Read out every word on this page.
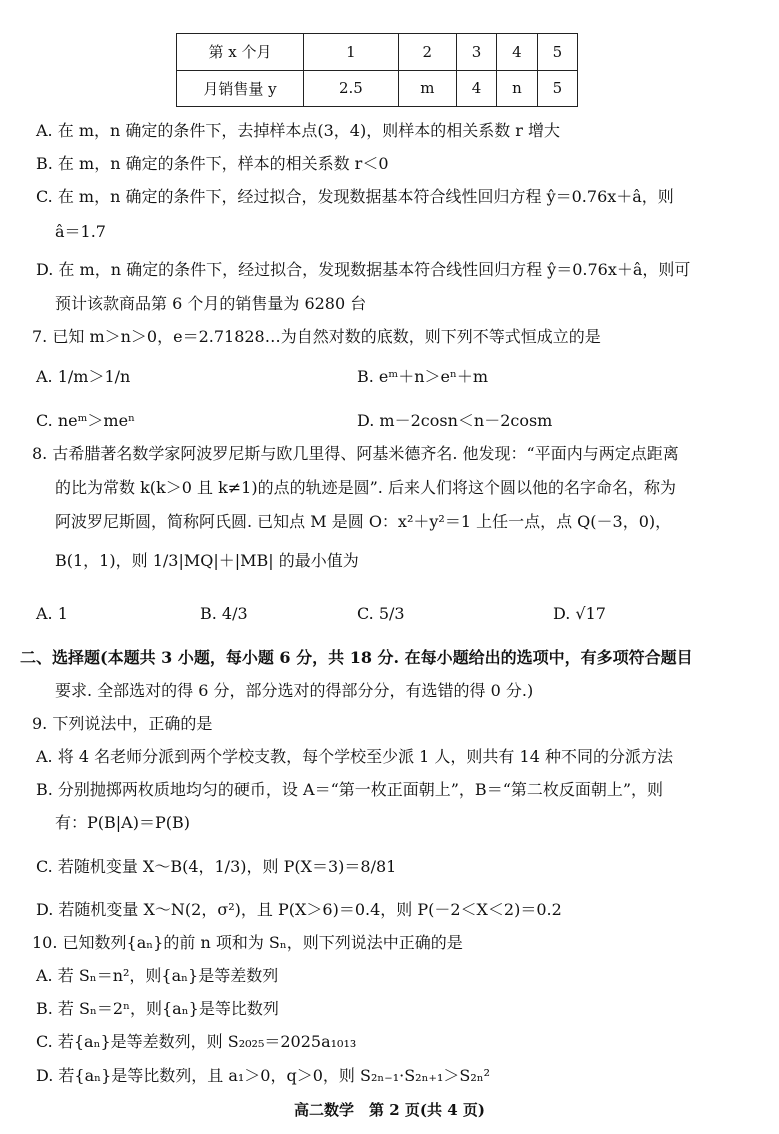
第 x 个月	1	2	3	4	5
月销售量 y	2.5	m	4	n	5
A. 在 m，n 确定的条件下，去掉样本点(3，4)，则样本的相关系数 r 增大
B. 在 m，n 确定的条件下，样本的相关系数 r＜0
C. 在 m，n 确定的条件下，经过拟合，发现数据基本符合线性回归方程 ŷ＝0.76x＋â，则
â＝1.7
D. 在 m，n 确定的条件下，经过拟合，发现数据基本符合线性回归方程 ŷ＝0.76x＋â，则可
预计该款商品第 6 个月的销售量为 6280 台
7. 已知 m＞n＞0，e＝2.71828…为自然对数的底数，则下列不等式恒成立的是
A. 1/m＞1/n	B. eᵐ＋n＞eⁿ＋m
C. neᵐ＞meⁿ	D. m－2cosn＜n－2cosm
8. 古希腊著名数学家阿波罗尼斯与欧几里得、阿基米德齐名. 他发现：“平面内与两定点距离
的比为常数 k(k＞0 且 k≠1)的点的轨迹是圆”. 后来人们将这个圆以他的名字命名，称为
阿波罗尼斯圆，简称阿氏圆. 已知点 M 是圆 O：x²＋y²＝1 上任一点，点 Q(－3，0)，
B(1，1)，则 1/3|MQ|＋|MB| 的最小值为
A. 1	B. 4/3	C. 5/3	D. √17
二、选择题(本题共 3 小题，每小题 6 分，共 18 分. 在每小题给出的选项中，有多项符合题目
要求. 全部选对的得 6 分，部分选对的得部分分，有选错的得 0 分.)
9. 下列说法中，正确的是
A. 将 4 名老师分派到两个学校支教，每个学校至少派 1 人，则共有 14 种不同的分派方法
B. 分别抛掷两枚质地均匀的硬币，设 A＝“第一枚正面朝上”，B＝“第二枚反面朝上”，则
有：P(B|A)＝P(B)
C. 若随机变量 X～B(4，1/3)，则 P(X＝3)＝8/81
D. 若随机变量 X～N(2，σ²)，且 P(X＞6)＝0.4，则 P(－2＜X＜2)＝0.2
10. 已知数列{aₙ}的前 n 项和为 Sₙ，则下列说法中正确的是
A. 若 Sₙ＝n²，则{aₙ}是等差数列
B. 若 Sₙ＝2ⁿ，则{aₙ}是等比数列
C. 若{aₙ}是等差数列，则 S₂₀₂₅＝2025a₁₀₁₃
D. 若{aₙ}是等比数列，且 a₁＞0，q＞0，则 S₂ₙ₋₁·S₂ₙ₊₁＞S₂ₙ²
高二数学　第 2 页(共 4 页)
